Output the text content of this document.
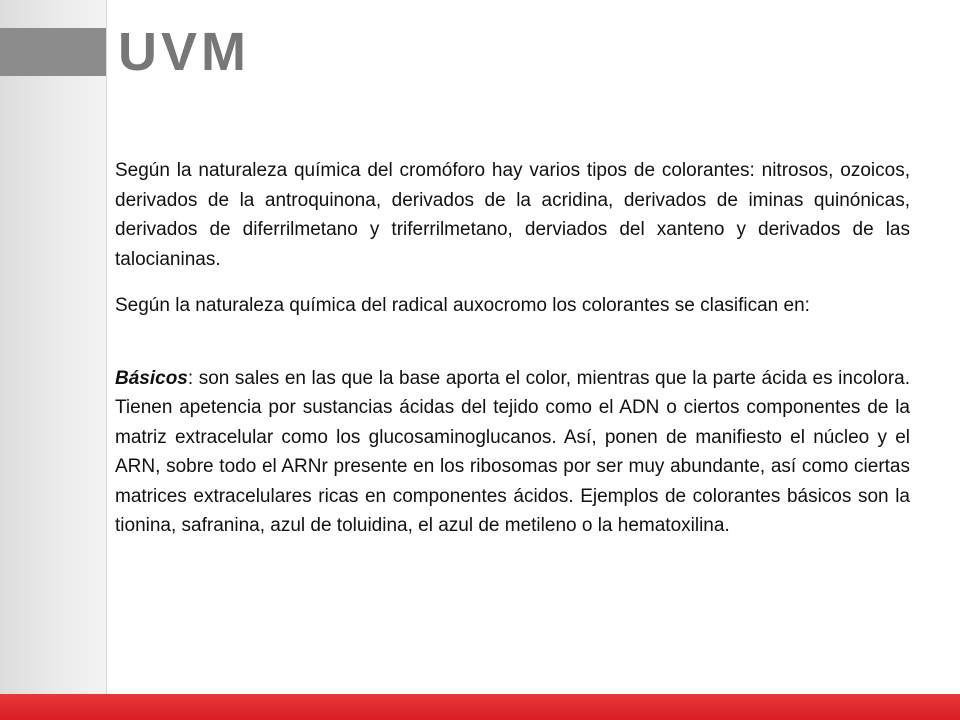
UVM

Según la naturaleza química del cromóforo hay varios tipos de colorantes: nitrosos, ozoicos, derivados de la antroquinona, derivados de la acridina, derivados de iminas quinónicas, derivados de diferrilmetano y triferrilmetano, derviados del xanteno y derivados de las talocianinas.

Según la naturaleza química del radical auxocromo los colorantes se clasifican en:

Básicos: son sales en las que la base aporta el color, mientras que la parte ácida es incolora. Tienen apetencia por sustancias ácidas del tejido como el ADN o ciertos componentes de la matriz extracelular como los glucosaminoglucanos. Así, ponen de manifiesto el núcleo y el ARN, sobre todo el ARNr presente en los ribosomas por ser muy abundante, así como ciertas matrices extracelulares ricas en componentes ácidos. Ejemplos de colorantes básicos son la tionina, safranina, azul de toluidina, el azul de metileno o la hematoxilina.
